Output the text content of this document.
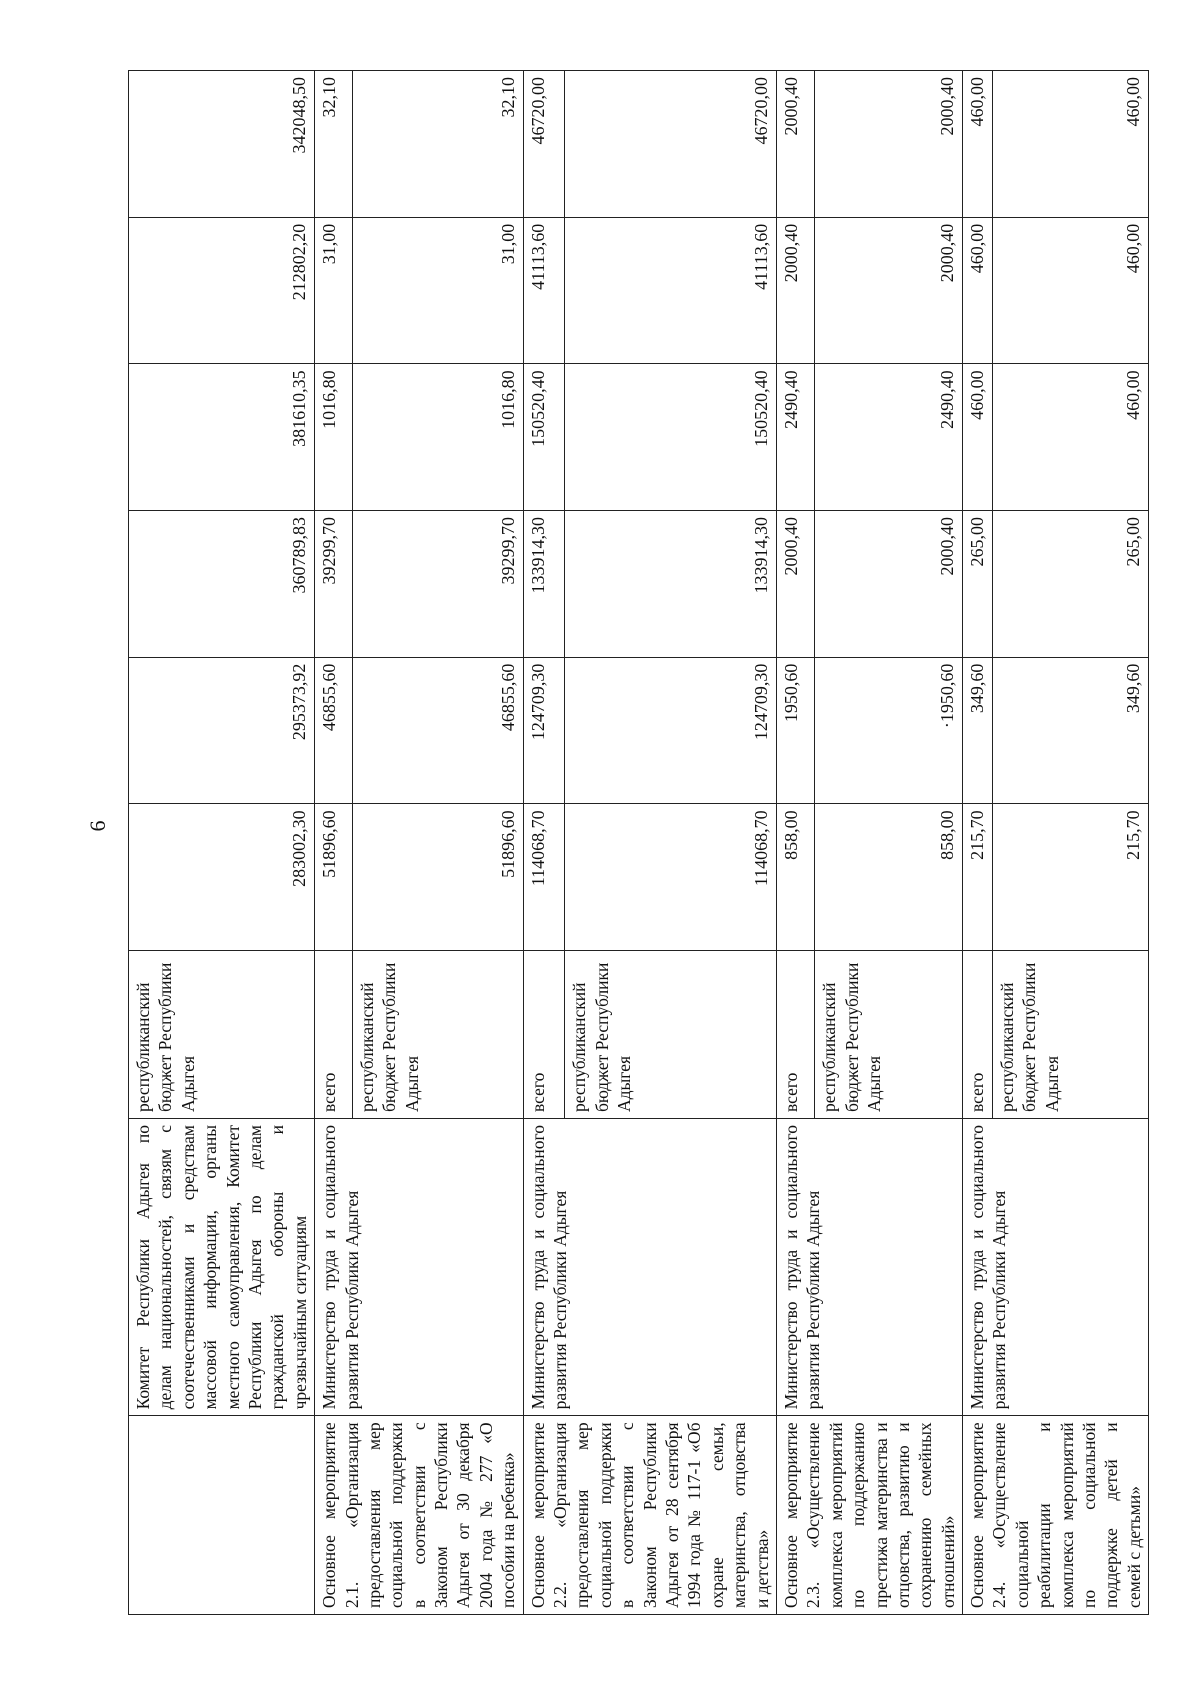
6
	Комитет Республики Адыгея по делам национальностей, связям с соотечественниками и средствам массовой информации, органы местного самоуправления, Комитет Республики Адыгея по делам гражданской обороны и чрезвычайным ситуациям	республиканский бюджет Республики Адыгея	283002,30	295373,92	360789,83	381610,35	212802,20	342048,50
Основное мероприятие 2.1. «Организация предоставления мер социальной поддержки в соответствии с Законом Республики Адыгея от 30 декабря 2004 года № 277 «О пособии на ребенка»	Министерство труда и социального развития Республики Адыгея	всего	51896,60	46855,60	39299,70	1016,80	31,00	32,10
		республиканский бюджет Республики Адыгея	51896,60	46855,60	39299,70	1016,80	31,00	32,10
Основное мероприятие 2.2. «Организация предоставления мер социальной поддержки в соответствии с Законом Республики Адыгея от 28 сентября 1994 года № 117-1 «Об охране семьи, материнства, отцовства и детства»	Министерство труда и социального развития Республики Адыгея	всего	114068,70	124709,30	133914,30	150520,40	41113,60	46720,00
		республиканский бюджет Республики Адыгея	114068,70	124709,30	133914,30	150520,40	41113,60	46720,00
Основное мероприятие 2.3. «Осуществление комплекса мероприятий по поддержанию престижа материнства и отцовства, развитию и сохранению семейных отношений»	Министерство труда и социального развития Республики Адыгея	всего	858,00	1950,60	2000,40	2490,40	2000,40	2000,40
		республиканский бюджет Республики Адыгея	858,00	·1950,60	2000,40	2490,40	2000,40	2000,40
Основное мероприятие 2.4. «Осуществление социальной реабилитации и комплекса мероприятий по социальной поддержке детей и семей с детьми»	Министерство труда и социального развития Республики Адыгея	всего	215,70	349,60	265,00	460,00	460,00	460,00
		республиканский бюджет Республики Адыгея	215,70	349,60	265,00	460,00	460,00	460,00
